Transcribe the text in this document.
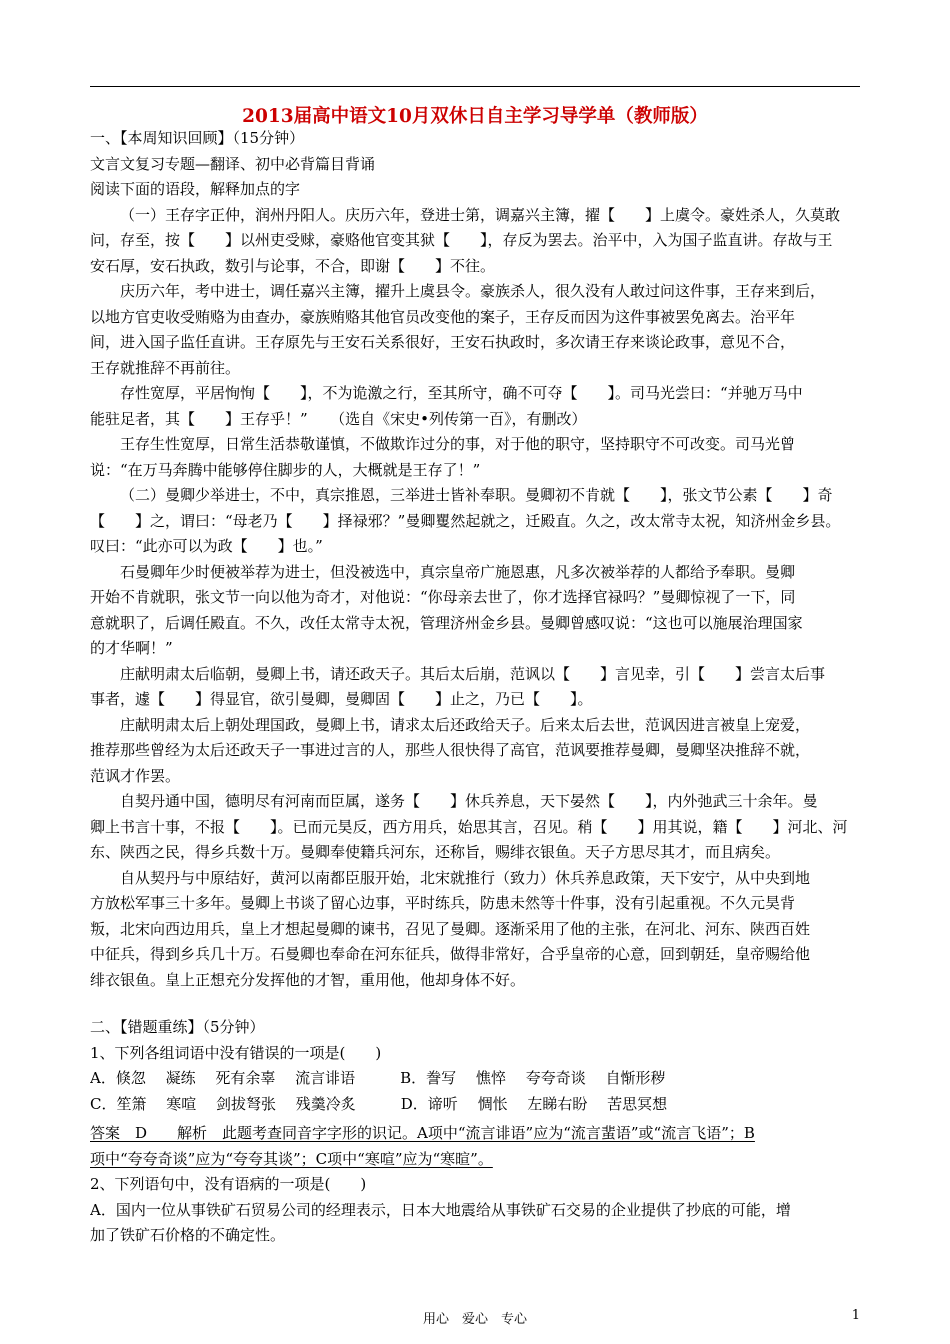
2013届高中语文10月双休日自主学习导学单（教师版）
一、【本周知识回顾】（15分钟）
文言文复习专题—翻译、初中必背篇目背诵
阅读下面的语段，解释加点的字
（一）王存字正仲，润州丹阳人。庆历六年，登进士第，调嘉兴主簿，擢【　　】上虞令。豪姓杀人，久莫敢
问，存至，按【　　】以州吏受赇，豪赂他官变其狱【　　】，存反为罢去。治平中，入为国子监直讲。存故与王
安石厚，安石执政，数引与论事，不合，即谢【　　】不往。
庆历六年，考中进士，调任嘉兴主簿，擢升上虞县令。豪族杀人，很久没有人敢过问这件事，王存来到后，
以地方官吏收受贿赂为由查办，豪族贿赂其他官员改变他的案子，王存反而因为这件事被罢免离去。治平年
间，进入国子监任直讲。王存原先与王安石关系很好，王安石执政时，多次请王存来谈论政事，意见不合，
王存就推辞不再前往。
存性宽厚，平居恂恂【　　】，不为诡激之行，至其所守，确不可夺【　　】。司马光尝曰：“并驰万马中
能驻足者，其【　　】王存乎！”　　（选自《宋史•列传第一百》，有删改）
王存生性宽厚，日常生活恭敬谨慎，不做欺诈过分的事，对于他的职守，坚持职守不可改变。司马光曾
说：“在万马奔腾中能够停住脚步的人，大概就是王存了！”
（二）曼卿少举进士，不中，真宗推恩，三举进士皆补奉职。曼卿初不肯就【　　】，张文节公素【　　】奇
【　　】之，谓曰：“母老乃【　　】择禄邪？”曼卿矍然起就之，迁殿直。久之，改太常寺太祝，知济州金乡县。
叹曰：“此亦可以为政【　　】也。”
石曼卿年少时便被举荐为进士，但没被选中，真宗皇帝广施恩惠，凡多次被举荐的人都给予奉职。曼卿
开始不肯就职，张文节一向以他为奇才，对他说：“你母亲去世了，你才选择官禄吗？”曼卿惊视了一下，同
意就职了，后调任殿直。不久，改任太常寺太祝，管理济州金乡县。曼卿曾感叹说：“这也可以施展治理国家
的才华啊！”
庄献明肃太后临朝，曼卿上书，请还政天子。其后太后崩，范讽以【　　】言见幸，引【　　】尝言太后事
事者，遽【　　】得显官，欲引曼卿，曼卿固【　　】止之，乃已【　　】。
庄献明肃太后上朝处理国政，曼卿上书，请求太后还政给天子。后来太后去世，范讽因进言被皇上宠爱，
推荐那些曾经为太后还政天子一事进过言的人，那些人很快得了高官，范讽要推荐曼卿，曼卿坚决推辞不就，
范讽才作罢。
自契丹通中国，德明尽有河南而臣属，遂务【　　】休兵养息，天下晏然【　　】，内外弛武三十余年。曼
卿上书言十事，不报【　　】。已而元昊反，西方用兵，始思其言，召见。稍【　　】用其说，籍【　　】河北、河
东、陕西之民，得乡兵数十万。曼卿奉使籍兵河东，还称旨，赐绯衣银鱼。天子方思尽其才，而且病矣。
自从契丹与中原结好，黄河以南都臣服开始，北宋就推行（致力）休兵养息政策，天下安宁，从中央到地
方放松军事三十多年。曼卿上书谈了留心边事，平时练兵，防患未然等十件事，没有引起重视。不久元昊背
叛，北宋向西边用兵，皇上才想起曼卿的谏书，召见了曼卿。逐渐采用了他的主张，在河北、河东、陕西百姓
中征兵，得到乡兵几十万。石曼卿也奉命在河东征兵，做得非常好，合乎皇帝的心意，回到朝廷，皇帝赐给他
绯衣银鱼。皇上正想充分发挥他的才智，重用他，他却身体不好。
二、【错题重练】（5分钟）
1、下列各组词语中没有错误的一项是(　　)
A．倏忽　 凝练　 死有余辜　 流言诽语　　　B．誊写　 憔悴　 夸夸奇谈　 自惭形秽
C．笙箫　 寒喧　 剑拔弩张　 残羹冷炙　　　D．谛听　 惆怅　 左睇右盼　 苦思冥想
答案　D　　解析　此题考查同音字字形的识记。A项中“流言诽语”应为“流言蜚语”或“流言飞语”；B
项中“夸夸奇谈”应为“夸夸其谈”；C项中“寒喧”应为“寒暄”。
2、下列语句中，没有语病的一项是(　　)
A．国内一位从事铁矿石贸易公司的经理表示，日本大地震给从事铁矿石交易的企业提供了抄底的可能，增
加了铁矿石价格的不确定性。
用心　爱心　专心	1
